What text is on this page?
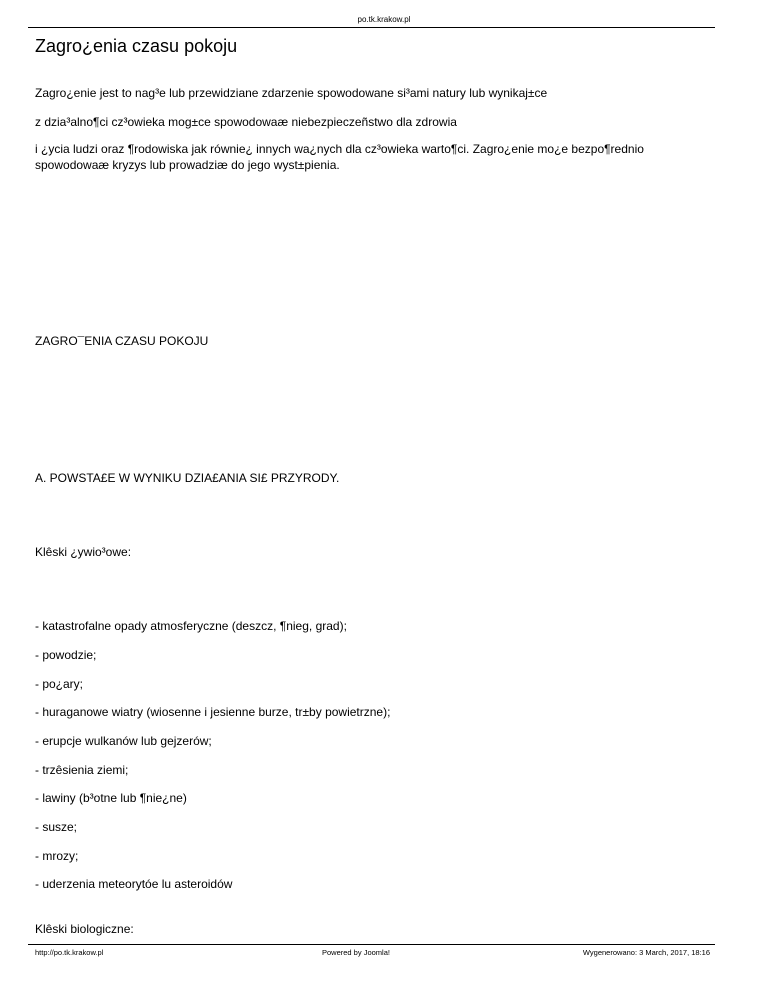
po.tk.krakow.pl
Zagro¿enia czasu pokoju
Zagro¿enie jest to nag³e lub przewidziane zdarzenie spowodowane si³ami natury lub wynikaj±ce
z dzia³alno¶ci cz³owieka mog±ce spowodowaæ niebezpieczeñstwo dla zdrowia
i ¿ycia ludzi oraz ¶rodowiska jak równie¿ innych wa¿nych dla cz³owieka warto¶ci. Zagro¿enie mo¿e bezpo¶rednio spowodowaæ kryzys lub prowadziæ do jego wyst±pienia.
ZAGRO¯ENIA CZASU POKOJU
A. POWSTA£E W WYNIKU DZIA£ANIA SI£ PRZYRODY.
Klêski ¿ywio³owe:
- katastrofalne opady atmosferyczne (deszcz, ¶nieg, grad);
- powodzie;
- po¿ary;
- huraganowe wiatry (wiosenne i jesienne burze, tr±by powietrzne);
- erupcje wulkanów lub gejzerów;
- trzêsienia ziemi;
- lawiny (b³otne lub ¶nie¿ne)
- susze;
- mrozy;
- uderzenia meteorytóe lu asteroidów
Klêski biologiczne:
http://po.tk.krakow.pl	Powered by Joomla!	Wygenerowano: 3 March, 2017, 18:16
